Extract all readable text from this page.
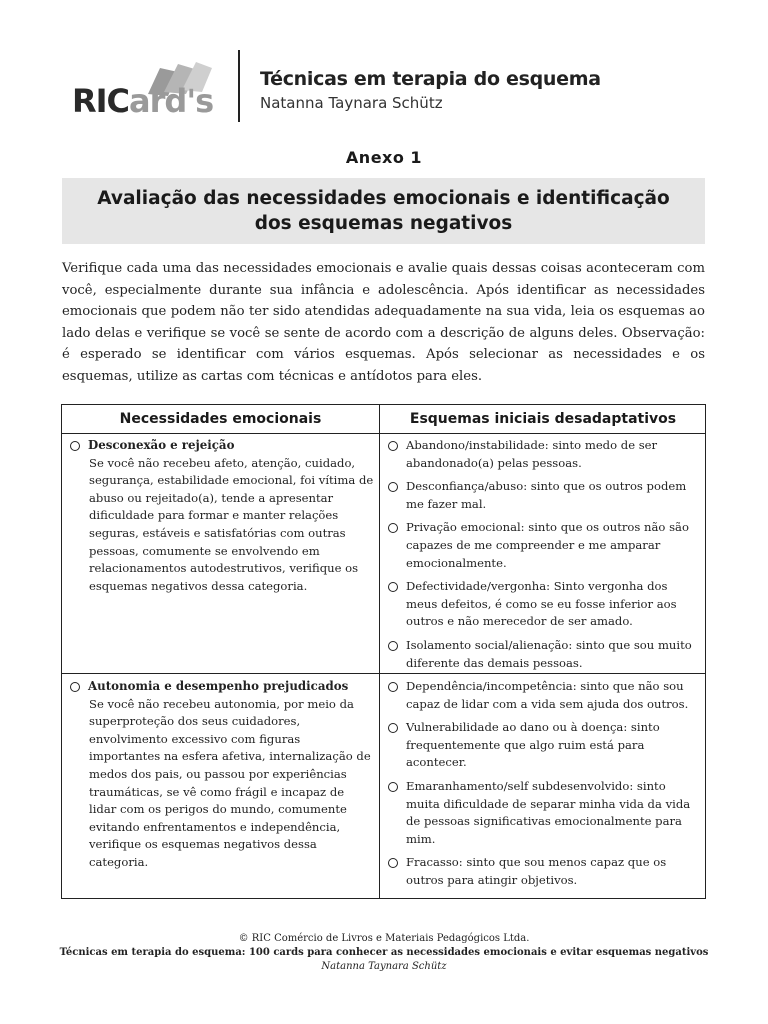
RICard's
Técnicas em terapia do esquema
Natanna Taynara Schütz
Anexo 1
Avaliação das necessidades emocionais e identificação dos esquemas negativos

Verifique cada uma das necessidades emocionais e avalie quais dessas coisas aconteceram com você, especialmente durante sua infância e adolescência. Após identificar as necessidades emocionais que podem não ter sido atendidas adequadamente na sua vida, leia os esquemas ao lado delas e verifique se você se sente de acordo com a descrição de alguns deles. Observação: é esperado se identificar com vários esquemas. Após selecionar as necessidades e os esquemas, utilize as cartas com técnicas e antídotos para eles.

Necessidades emocionais	Esquemas iniciais desadaptativos
Desconexão e rejeição
Se você não recebeu afeto, atenção, cuidado, segurança, estabilidade emocional, foi vítima de abuso ou rejeitado(a), tende a apresentar dificuldade para formar e manter relações seguras, estáveis e satisfatórias com outras pessoas, comumente se envolvendo em relacionamentos autodestrutivos, verifique os esquemas negativos dessa categoria.
Abandono/instabilidade: sinto medo de ser abandonado(a) pelas pessoas.
Desconfiança/abuso: sinto que os outros podem me fazer mal.
Privação emocional: sinto que os outros não são capazes de me compreender e me amparar emocionalmente.
Defectividade/vergonha: Sinto vergonha dos meus defeitos, é como se eu fosse inferior aos outros e não merecedor de ser amado.
Isolamento social/alienação: sinto que sou muito diferente das demais pessoas.
Autonomia e desempenho prejudicados
Se você não recebeu autonomia, por meio da superproteção dos seus cuidadores, envolvimento excessivo com figuras importantes na esfera afetiva, internalização de medos dos pais, ou passou por experiências traumáticas, se vê como frágil e incapaz de lidar com os perigos do mundo, comumente evitando enfrentamentos e independência, verifique os esquemas negativos dessa categoria.
Dependência/incompetência: sinto que não sou capaz de lidar com a vida sem ajuda dos outros.
Vulnerabilidade ao dano ou à doença: sinto frequentemente que algo ruim está para acontecer.
Emaranhamento/self subdesenvolvido: sinto muita dificuldade de separar minha vida da vida de pessoas significativas emocionalmente para mim.
Fracasso: sinto que sou menos capaz que os outros para atingir objetivos.
© RIC Comércio de Livros e Materiais Pedagógicos Ltda.
Técnicas em terapia do esquema: 100 cards para conhecer as necessidades emocionais e evitar esquemas negativos
Natanna Taynara Schütz
